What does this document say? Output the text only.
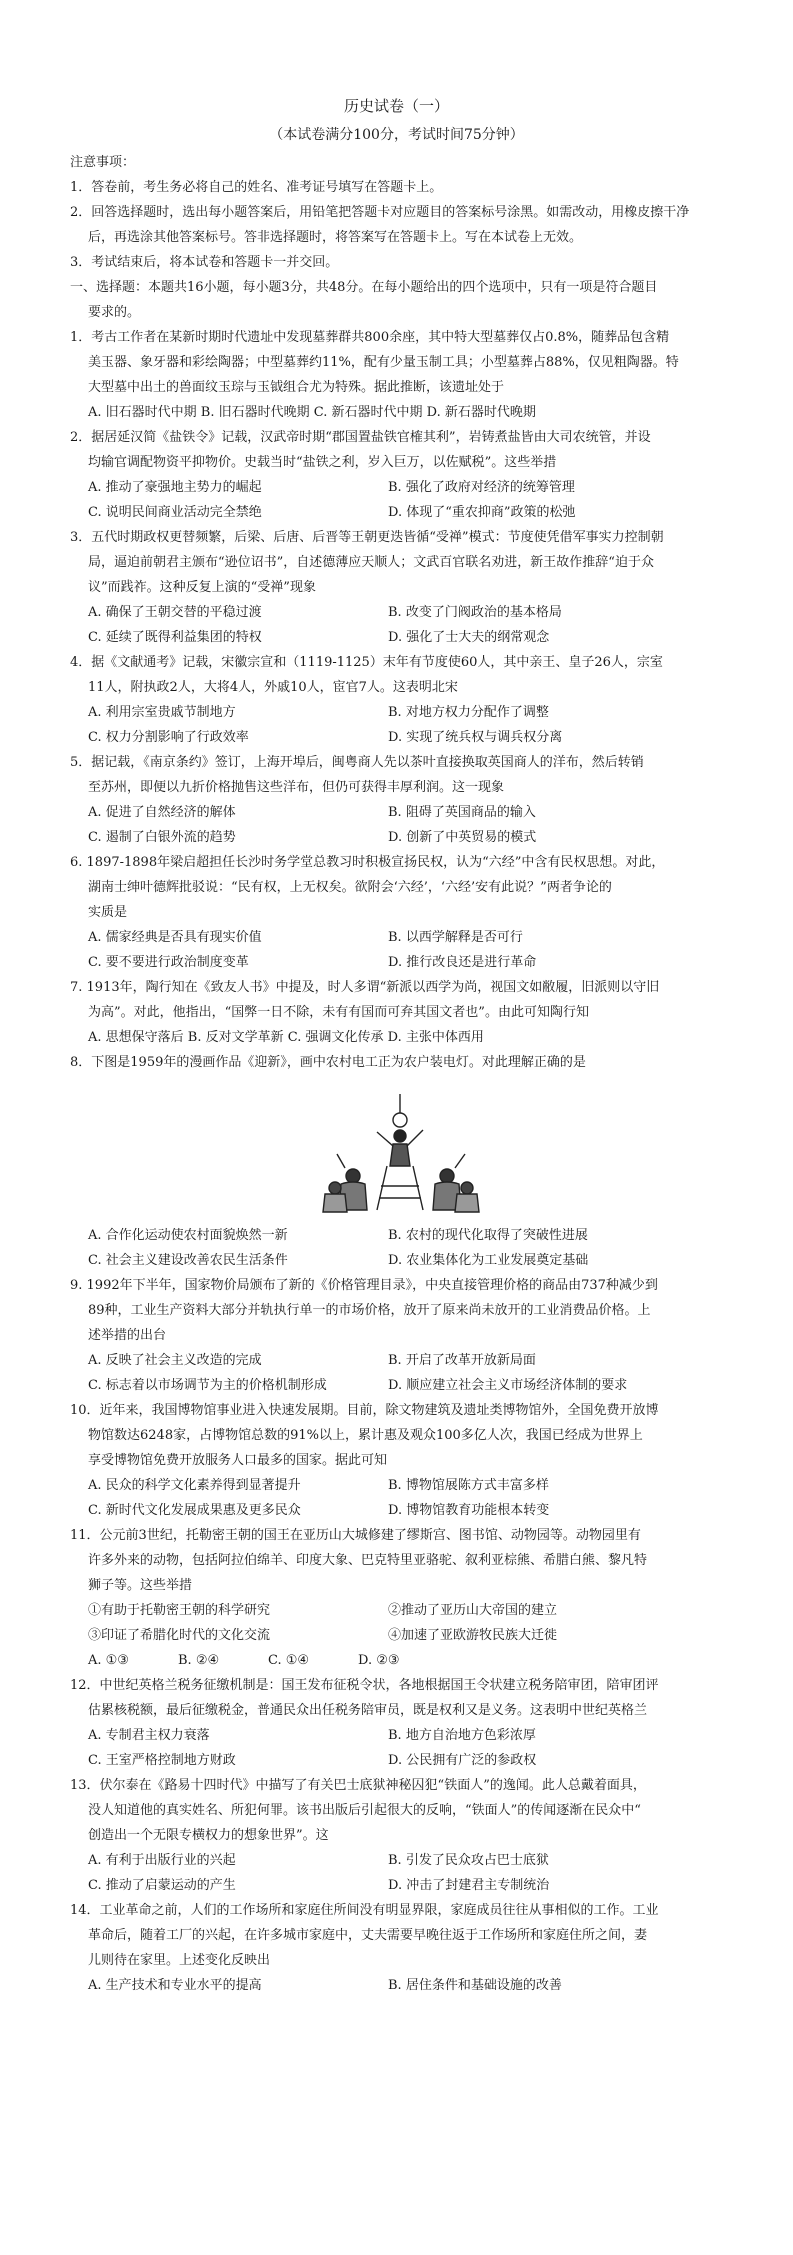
历史试卷（一）
（本试卷满分100分，考试时间75分钟）
注意事项：
1．答卷前，考生务必将自己的姓名、准考证号填写在答题卡上。
2．回答选择题时，选出每小题答案后，用铅笔把答题卡对应题目的答案标号涂黑。如需改动，用橡皮擦干净
后，再选涂其他答案标号。答非选择题时，将答案写在答题卡上。写在本试卷上无效。
3．考试结束后，将本试卷和答题卡一并交回。
一、选择题：本题共16小题，每小题3分，共48分。在每小题给出的四个选项中，只有一项是符合题目
要求的。
1．考古工作者在某新时期时代遗址中发现墓葬群共800余座，其中特大型墓葬仅占0.8%，随葬品包含精
美玉器、象牙器和彩绘陶器；中型墓葬约11%，配有少量玉制工具；小型墓葬占88%，仅见粗陶器。特
大型墓中出土的兽面纹玉琮与玉钺组合尤为特殊。据此推断，该遗址处于
A. 旧石器时代中期 B. 旧石器时代晚期 C. 新石器时代中期 D. 新石器时代晚期
2．据居延汉简《盐铁令》记载，汉武帝时期“郡国置盐铁官榷其利”，岩铸煮盐皆由大司农统管，并设
均输官调配物资平抑物价。史载当时“盐铁之利，岁入巨万，以佐赋税”。这些举措
A. 推动了豪强地主势力的崛起	B. 强化了政府对经济的统筹管理
C. 说明民间商业活动完全禁绝	D. 体现了“重农抑商”政策的松弛
3．五代时期政权更替频繁，后梁、后唐、后晋等王朝更迭皆循“受禅”模式：节度使凭借军事实力控制朝
局，逼迫前朝君主颁布“逊位诏书”，自述德薄应天顺人；文武百官联名劝进，新王故作推辞“迫于众
议”而践祚。这种反复上演的“受禅”现象
A. 确保了王朝交替的平稳过渡	B. 改变了门阀政治的基本格局
C. 延续了既得利益集团的特权	D. 强化了士大夫的纲常观念
4．据《文献通考》记载，宋徽宗宣和（1119-1125）末年有节度使60人，其中亲王、皇子26人，宗室
11人，附执政2人，大将4人，外戚10人，宦官7人。这表明北宋
A. 利用宗室贵戚节制地方	B. 对地方权力分配作了调整
C. 权力分割影响了行政效率	D. 实现了统兵权与调兵权分离
5．据记载，《南京条约》签订，上海开埠后，闽粤商人先以茶叶直接换取英国商人的洋布，然后转销
至苏州，即便以九折价格抛售这些洋布，但仍可获得丰厚利润。这一现象
A. 促进了自然经济的解体	B. 阻碍了英国商品的输入
C. 遏制了白银外流的趋势	D. 创新了中英贸易的模式
6. 1897-1898年梁启超担任长沙时务学堂总教习时积极宣扬民权，认为“六经”中含有民权思想。对此，
湖南士绅叶德辉批驳说：“民有权，上无权矣。欲附会‘六经’，‘六经’安有此说？”两者争论的
实质是
A. 儒家经典是否具有现实价值	B. 以西学解释是否可行
C. 要不要进行政治制度变革	D. 推行改良还是进行革命
7. 1913年，陶行知在《致友人书》中提及，时人多谓“新派以西学为尚，视国文如敝履，旧派则以守旧
为高”。对此，他指出，“国弊一日不除，未有有国而可弃其国文者也”。由此可知陶行知
A. 思想保守落后 B. 反对文学革新 C. 强调文化传承 D. 主张中体西用
8．下图是1959年的漫画作品《迎新》，画中农村电工正为农户装电灯。对此理解正确的是
A. 合作化运动使农村面貌焕然一新	B. 农村的现代化取得了突破性进展
C. 社会主义建设改善农民生活条件	D. 农业集体化为工业发展奠定基础
9. 1992年下半年，国家物价局颁布了新的《价格管理目录》，中央直接管理价格的商品由737种减少到
89种，工业生产资料大部分并轨执行单一的市场价格，放开了原来尚未放开的工业消费品价格。上
述举措的出台
A. 反映了社会主义改造的完成	B. 开启了改革开放新局面
C. 标志着以市场调节为主的价格机制形成	D. 顺应建立社会主义市场经济体制的要求
10．近年来，我国博物馆事业进入快速发展期。目前，除文物建筑及遗址类博物馆外，全国免费开放博
物馆数达6248家，占博物馆总数的91%以上，累计惠及观众100多亿人次，我国已经成为世界上
享受博物馆免费开放服务人口最多的国家。据此可知
A. 民众的科学文化素养得到显著提升	B. 博物馆展陈方式丰富多样
C. 新时代文化发展成果惠及更多民众	D. 博物馆教育功能根本转变
11．公元前3世纪，托勒密王朝的国王在亚历山大城修建了缪斯宫、图书馆、动物园等。动物园里有
许多外来的动物，包括阿拉伯绵羊、印度大象、巴克特里亚骆驼、叙利亚棕熊、希腊白熊、黎凡特
狮子等。这些举措
①有助于托勒密王朝的科学研究	②推动了亚历山大帝国的建立
③印证了希腊化时代的文化交流	④加速了亚欧游牧民族大迁徙
A. ①③	B. ②④	C. ①④	D. ②③
12．中世纪英格兰税务征缴机制是：国王发布征税令状，各地根据国王令状建立税务陪审团，陪审团评
估累核税额，最后征缴税金，普通民众出任税务陪审员，既是权利又是义务。这表明中世纪英格兰
A. 专制君主权力衰落	B. 地方自治地方色彩浓厚
C. 王室严格控制地方财政	D. 公民拥有广泛的参政权
13．伏尔泰在《路易十四时代》中描写了有关巴士底狱神秘囚犯“铁面人”的逸闻。此人总戴着面具，
没人知道他的真实姓名、所犯何罪。该书出版后引起很大的反响，“铁面人”的传闻逐渐在民众中“
创造出一个无限专横权力的想象世界”。这
A. 有利于出版行业的兴起	B. 引发了民众攻占巴士底狱
C. 推动了启蒙运动的产生	D. 冲击了封建君主专制统治
14．工业革命之前，人们的工作场所和家庭住所间没有明显界限，家庭成员往往从事相似的工作。工业
革命后，随着工厂的兴起，在许多城市家庭中，丈夫需要早晚往返于工作场所和家庭住所之间，妻
儿则待在家里。上述变化反映出
A. 生产技术和专业水平的提高	B. 居住条件和基础设施的改善
